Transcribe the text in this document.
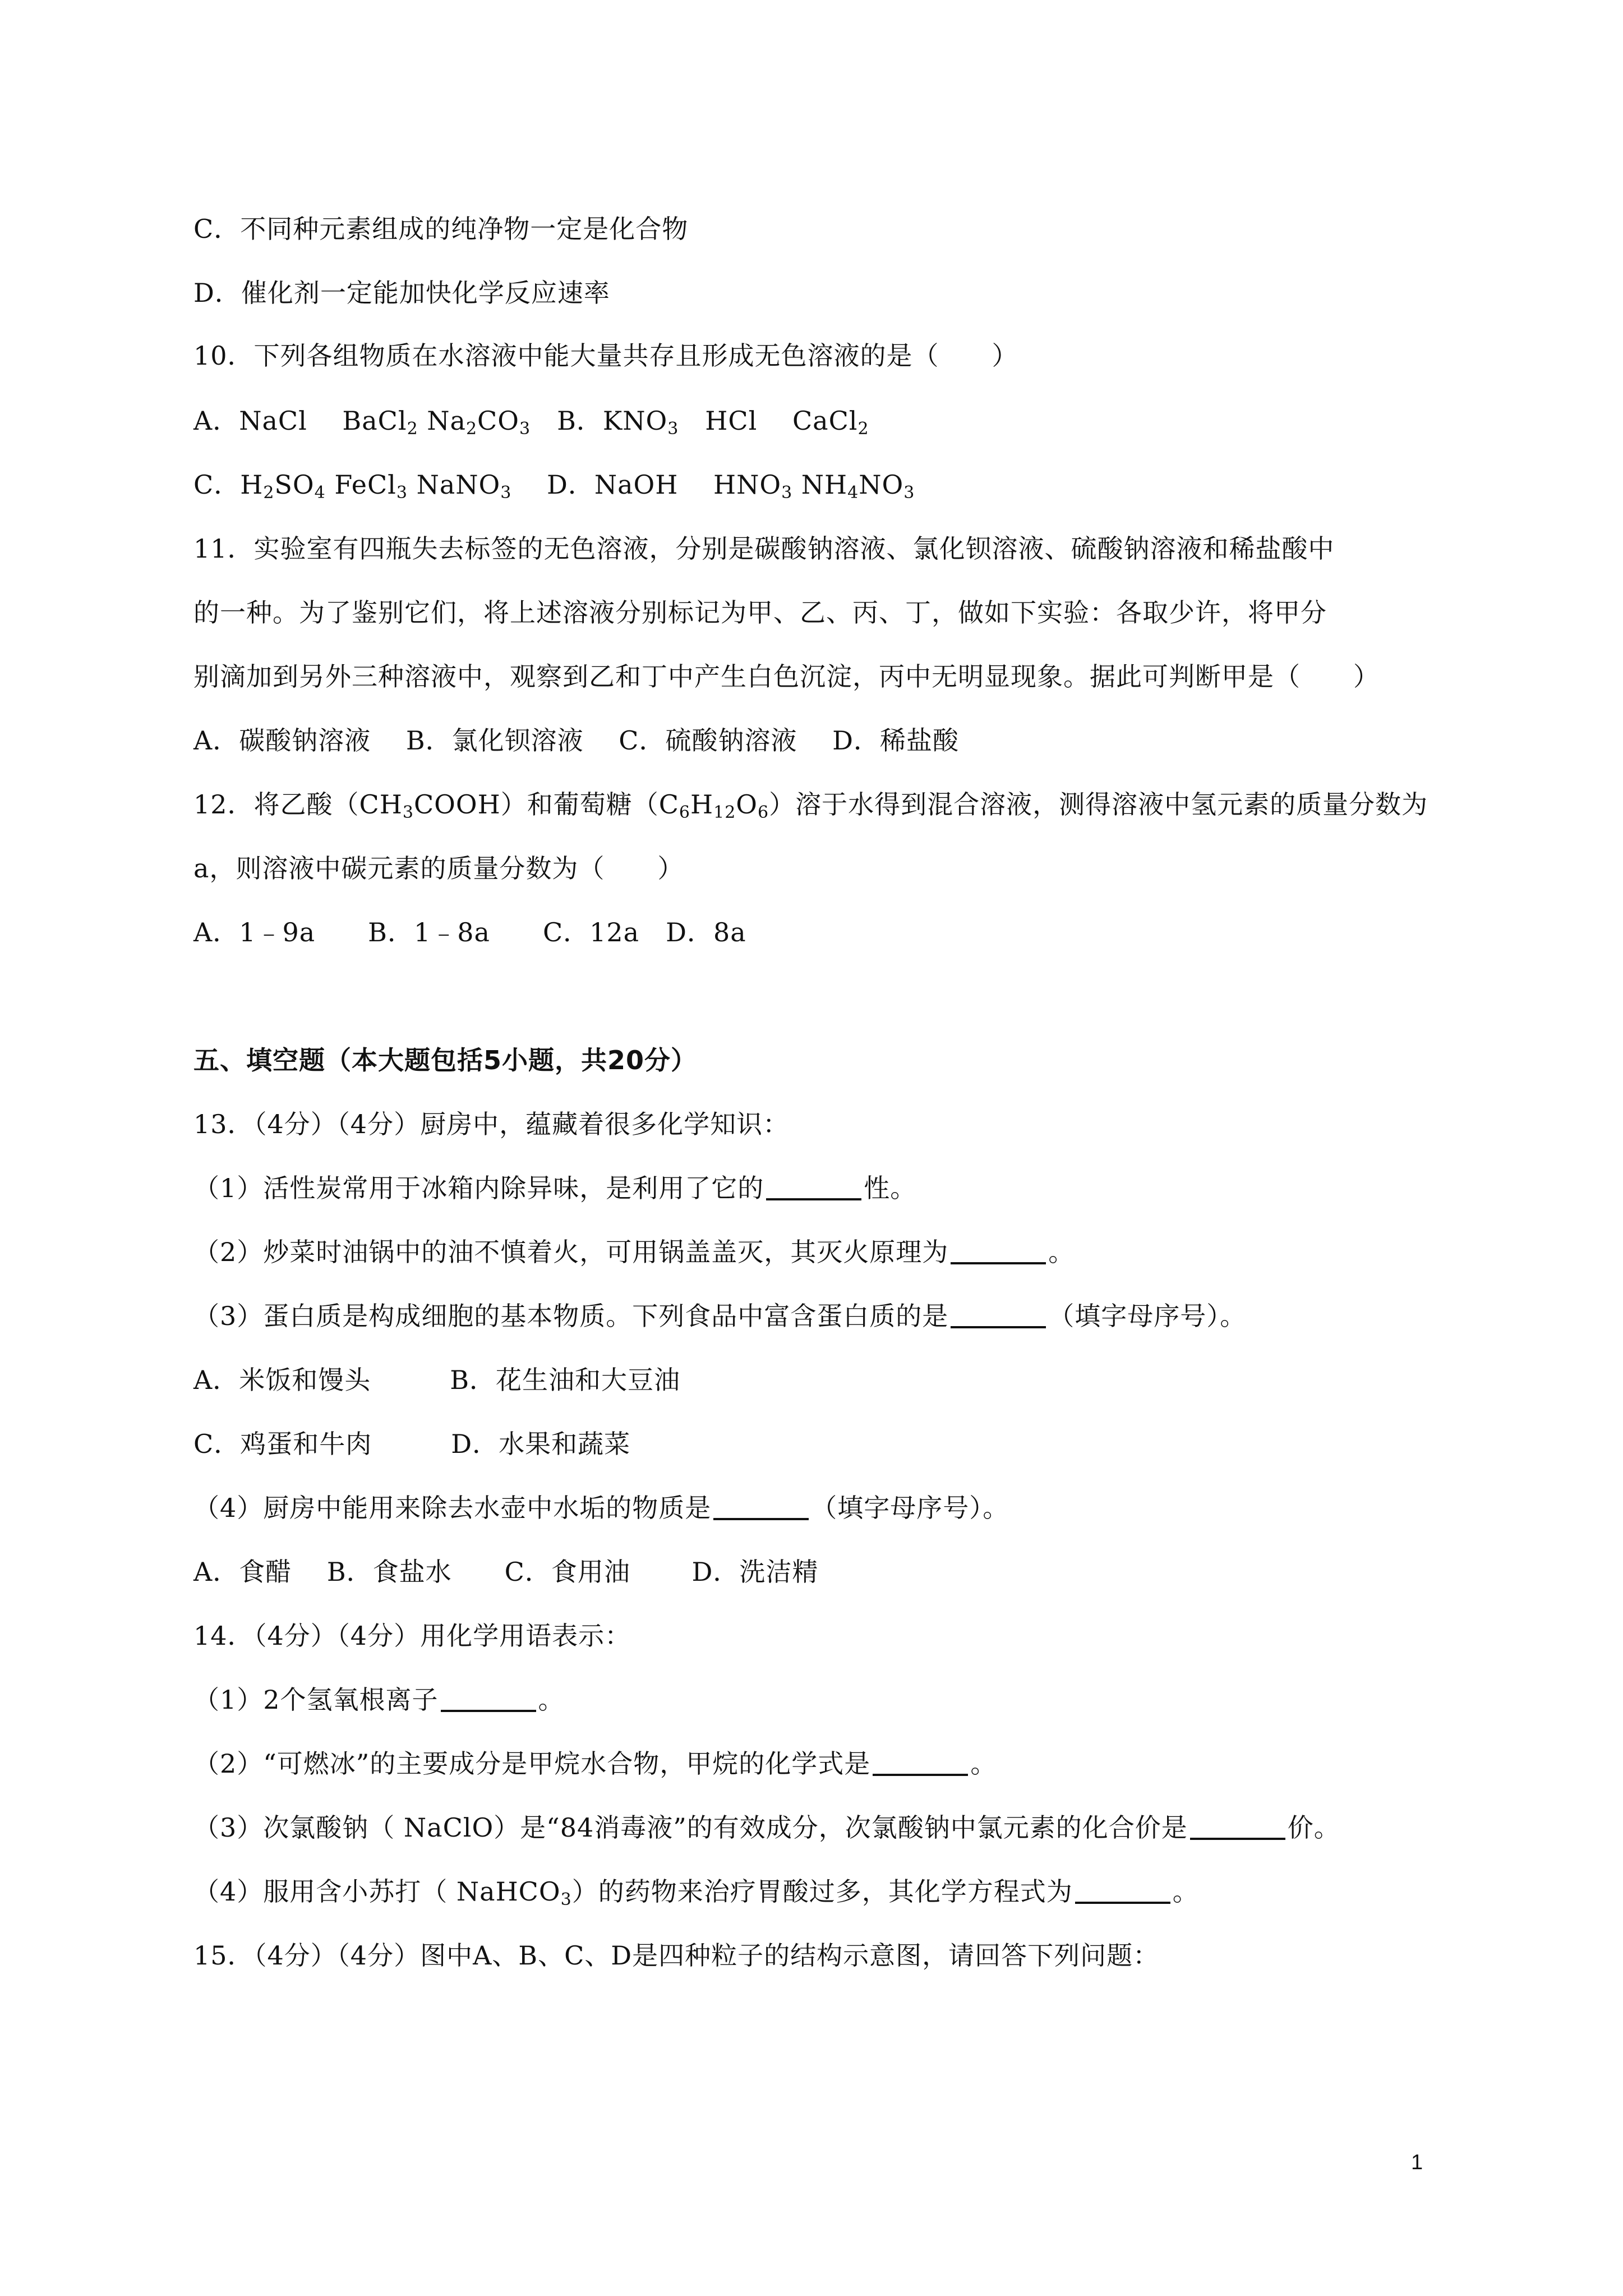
C．不同种元素组成的纯净物一定是化合物
D．催化剂一定能加快化学反应速率
10．下列各组物质在水溶液中能大量共存且形成无色溶液的是（　　）
A．NaCl　 BaCl$_2$ $Na_2CO_3$　B．$KNO_3$　HCl　 CaCl$_2$
C．$H_2SO_4$ FeCl$_3$ NaNO$_3$　 D．NaOH　 $HNO_3$ $NH_4NO_3$
11．实验室有四瓶失去标签的无色溶液，分别是碳酸钠溶液、氯化钡溶液、硫酸钠溶液和稀盐酸中
的一种。为了鉴别它们，将上述溶液分别标记为甲、乙、丙、丁，做如下实验：各取少许，将甲分
别滴加到另外三种溶液中，观察到乙和丁中产生白色沉淀，丙中无明显现象。据此可判断甲是（　　）
A．碳酸钠溶液　 B．氯化钡溶液　 C．硫酸钠溶液　 D．稀盐酸
12．将乙酸$(CH_3COOH)$和葡萄糖$(C_6H_{12}O_6)$溶于水得到混合溶液，测得溶液中氢元素的质量分数为
a，则溶液中碳元素的质量分数为（　　）
A．1﹣9a　　B．1﹣8a　　C．12a　D．8a
五、填空题（本大题包括5小题，共20分）
13．（4分）（4分）厨房中，蕴藏着很多化学知识：
（1）活性炭常用于冰箱内除异味，是利用了它的	性。
（2）炒菜时油锅中的油不慎着火，可用锅盖盖灭，其灭火原理为	。
（3）蛋白质是构成细胞的基本物质。下列食品中富含蛋白质的是	（填字母序号）。
A．米饭和馒头　　　B．花生油和大豆油
C．鸡蛋和牛肉　　　D．水果和蔬菜
（4）厨房中能用来除去水壶中水垢的物质是	（填字母序号）。
A．食醋　 B．食盐水　　C．食用油　　 D．洗洁精
14．（4分）（4分）用化学用语表示：
（1）2个氢氧根离子	。
（2）“可燃冰”的主要成分是甲烷水合物，甲烷的化学式是	。
（3）次氯酸钠（ NaClO）是“84消毒液”的有效成分，次氯酸钠中氯元素的化合价是	价。
（4）服用含小苏打（ NaHCO$_3$）的药物来治疗胃酸过多，其化学方程式为	。
15．（4分）（4分）图中A、B、C、D是四种粒子的结构示意图，请回答下列问题：
1
